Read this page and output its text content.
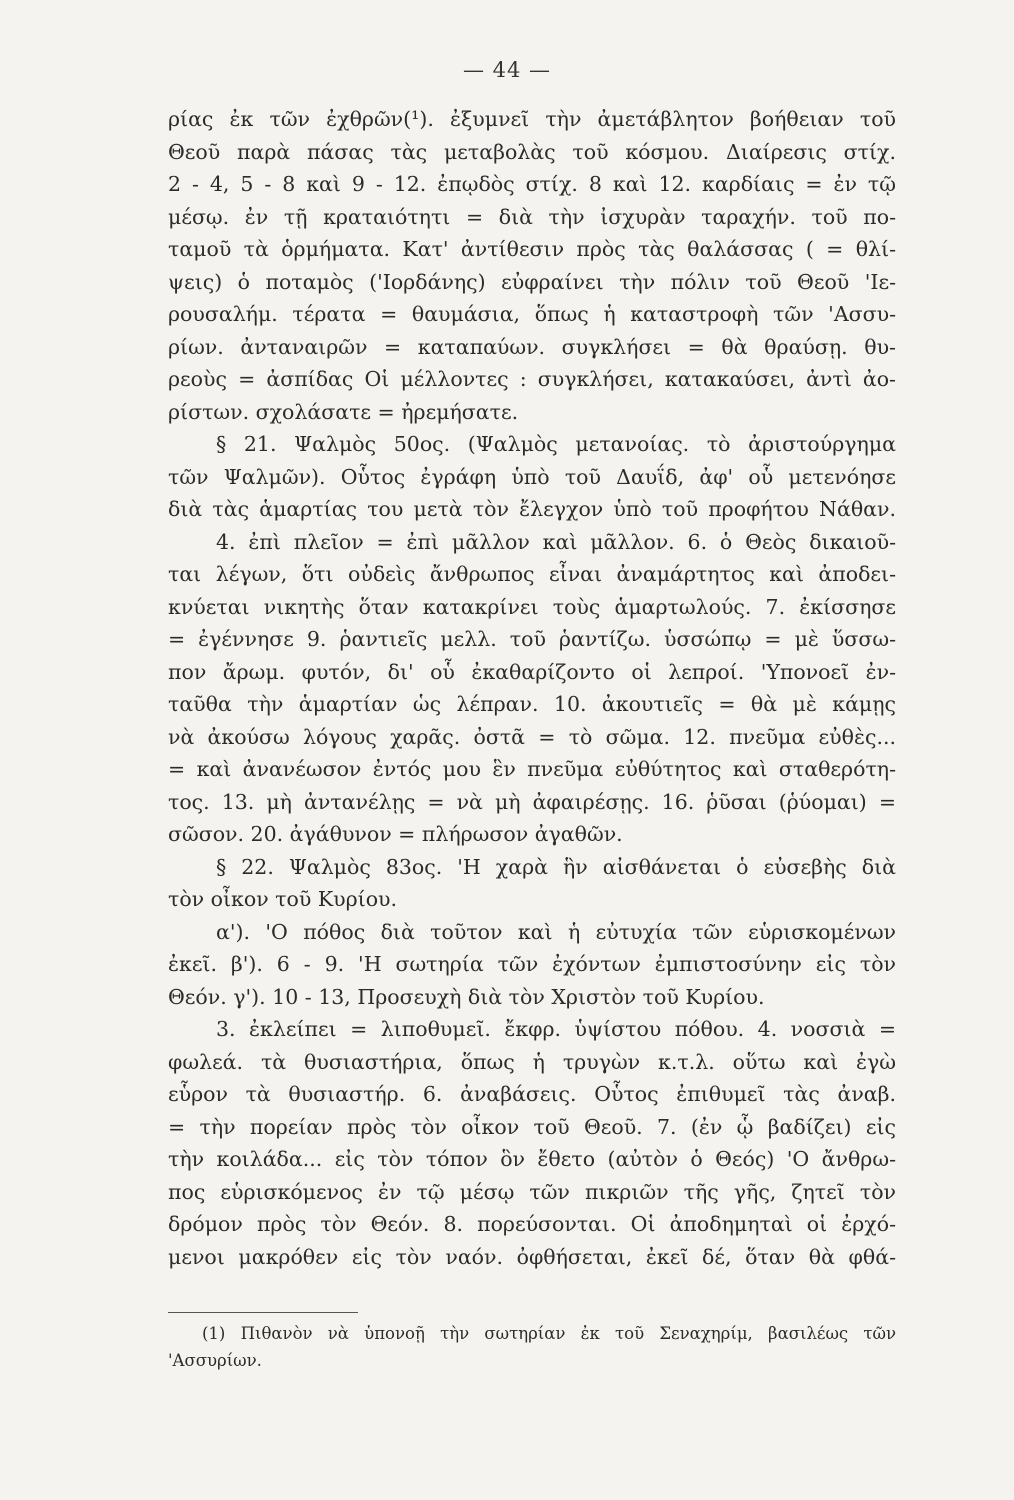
— 44 —
ρίας ἐκ τῶν ἐχθρῶν(¹). ἐξυμνεῖ τὴν ἀμετάβλητον βοήθειαν τοῦ
Θεοῦ παρὰ πάσας τὰς μεταβολὰς τοῦ κόσμου. Διαίρεσις στίχ.
2 - 4, 5 - 8 καὶ 9 - 12. ἐπῳδὸς στίχ. 8 καὶ 12. καρδίαις = ἐν τῷ
μέσῳ. ἐν τῇ κραταιότητι = διὰ τὴν ἰσχυρὰν ταραχήν. τοῦ πο-
ταμοῦ τὰ ὁρμήματα. Κατ' ἀντίθεσιν πρὸς τὰς θαλάσσας ( = θλί-
ψεις) ὁ ποταμὸς ('Ιορδάνης) εὐφραίνει τὴν πόλιν τοῦ Θεοῦ 'Ιε-
ρουσαλήμ. τέρατα = θαυμάσια, ὅπως ἡ καταστροφὴ τῶν 'Ασσυ-
ρίων. ἀνταναιρῶν = καταπαύων. συγκλήσει = θὰ θραύσῃ. θυ-
ρεοὺς = ἀσπίδας Οἱ μέλλοντες : συγκλήσει, κατακαύσει, ἀντὶ ἀο-
ρίστων. σχολάσατε = ἠρεμήσατε.
§ 21. Ψαλμὸς 50ος. (Ψαλμὸς μετανοίας. τὸ ἀριστούργημα
τῶν Ψαλμῶν). Οὗτος ἐγράφη ὑπὸ τοῦ Δαυΐδ, ἀφ' οὗ μετενόησε
διὰ τὰς ἁμαρτίας του μετὰ τὸν ἔλεγχον ὑπὸ τοῦ προφήτου Νάθαν.
4. ἐπὶ πλεῖον = ἐπὶ μᾶλλον καὶ μᾶλλον. 6. ὁ Θεὸς δικαιοῦ-
ται λέγων, ὅτι οὐδεὶς ἄνθρωπος εἶναι ἀναμάρτητος καὶ ἀποδει-
κνύεται νικητὴς ὅταν κατακρίνει τοὺς ἁμαρτωλούς. 7. ἐκίσσησε
= ἐγέννησε 9. ῥαντιεῖς μελλ. τοῦ ῥαντίζω. ὑσσώπῳ = μὲ ὕσσω-
πον ἄρωμ. φυτόν, δι' οὗ ἐκαθαρίζοντο οἱ λεπροί. 'Υπονοεῖ ἐν-
ταῦθα τὴν ἁμαρτίαν ὡς λέπραν. 10. ἀκουτιεῖς = θὰ μὲ κάμῃς
νὰ ἀκούσω λόγους χαρᾶς. ὀστᾶ = τὸ σῶμα. 12. πνεῦμα εὐθὲς...
= καὶ ἀνανέωσον ἐντός μου ἓν πνεῦμα εὐθύτητος καὶ σταθερότη-
τος. 13. μὴ ἀντανέλῃς = νὰ μὴ ἀφαιρέσῃς. 16. ῥῦσαι (ῥύομαι) =
σῶσον. 20. ἀγάθυνον = πλήρωσον ἀγαθῶν.
§ 22. Ψαλμὸς 83ος. 'Η χαρὰ ἣν αἰσθάνεται ὁ εὐσεβὴς διὰ
τὸν οἶκον τοῦ Κυρίου.
α'). 'Ο πόθος διὰ τοῦτον καὶ ἡ εὐτυχία τῶν εὑρισκομένων
ἐκεῖ. β'). 6 - 9. 'Η σωτηρία τῶν ἐχόντων ἐμπιστοσύνην εἰς τὸν
Θεόν. γ'). 10 - 13, Προσευχὴ διὰ τὸν Χριστὸν τοῦ Κυρίου.
3. ἐκλείπει = λιποθυμεῖ. ἔκφρ. ὑψίστου πόθου. 4. νοσσιὰ =
φωλεά. τὰ θυσιαστήρια, ὅπως ἡ τρυγὼν κ.τ.λ. οὕτω καὶ ἐγὼ
εὗρον τὰ θυσιαστήρ. 6. ἀναβάσεις. Οὗτος ἐπιθυμεῖ τὰς ἀναβ.
= τὴν πορείαν πρὸς τὸν οἶκον τοῦ Θεοῦ. 7. (ἐν ᾧ βαδίζει) εἰς
τὴν κοιλάδα... εἰς τὸν τόπον ὃν ἔθετο (αὐτὸν ὁ Θεός) 'Ο ἄνθρω-
πος εὑρισκόμενος ἐν τῷ μέσῳ τῶν πικριῶν τῆς γῆς, ζητεῖ τὸν
δρόμον πρὸς τὸν Θεόν. 8. πορεύσονται. Οἱ ἀποδημηταὶ οἱ ἐρχό-
μενοι μακρόθεν εἰς τὸν ναόν. ὀφθήσεται, ἐκεῖ δέ, ὅταν θὰ φθά-
(1) Πιθανὸν νὰ ὑπονοῇ τὴν σωτηρίαν ἐκ τοῦ Σεναχηρίμ, βασιλέως τῶν
'Ασσυρίων.
